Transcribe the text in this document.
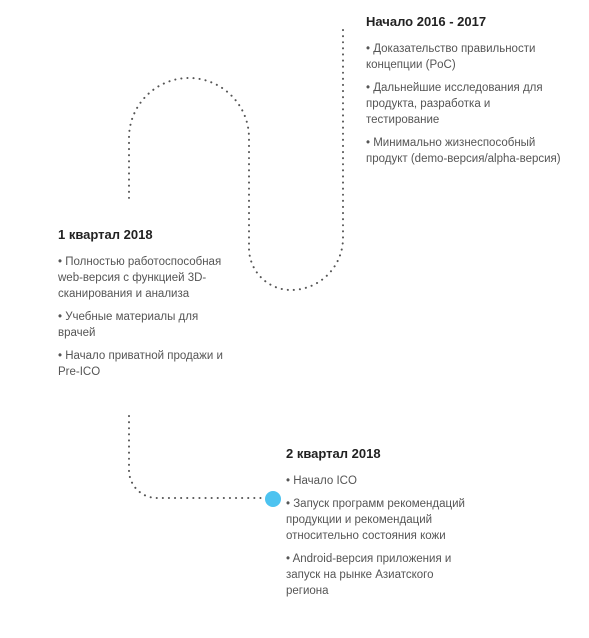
Начало 2016 - 2017
• Доказательство правильности концепции (PoC)
• Дальнейшие исследования для продукта, разработка и тестирование
• Минимально жизнеспособный продукт (demo-версия/alpha-версия)
1 квартал 2018
• Полностью работоспособная web-версия с функцией 3D-сканирования и анализа
• Учебные материалы для врачей
• Начало приватной продажи и Pre-ICO
2 квартал 2018
• Начало ICO
• Запуск программ рекомендаций продукции и рекомендаций относительно состояния кожи
• Android-версия приложения и запуск на рынке Азиатского региона
